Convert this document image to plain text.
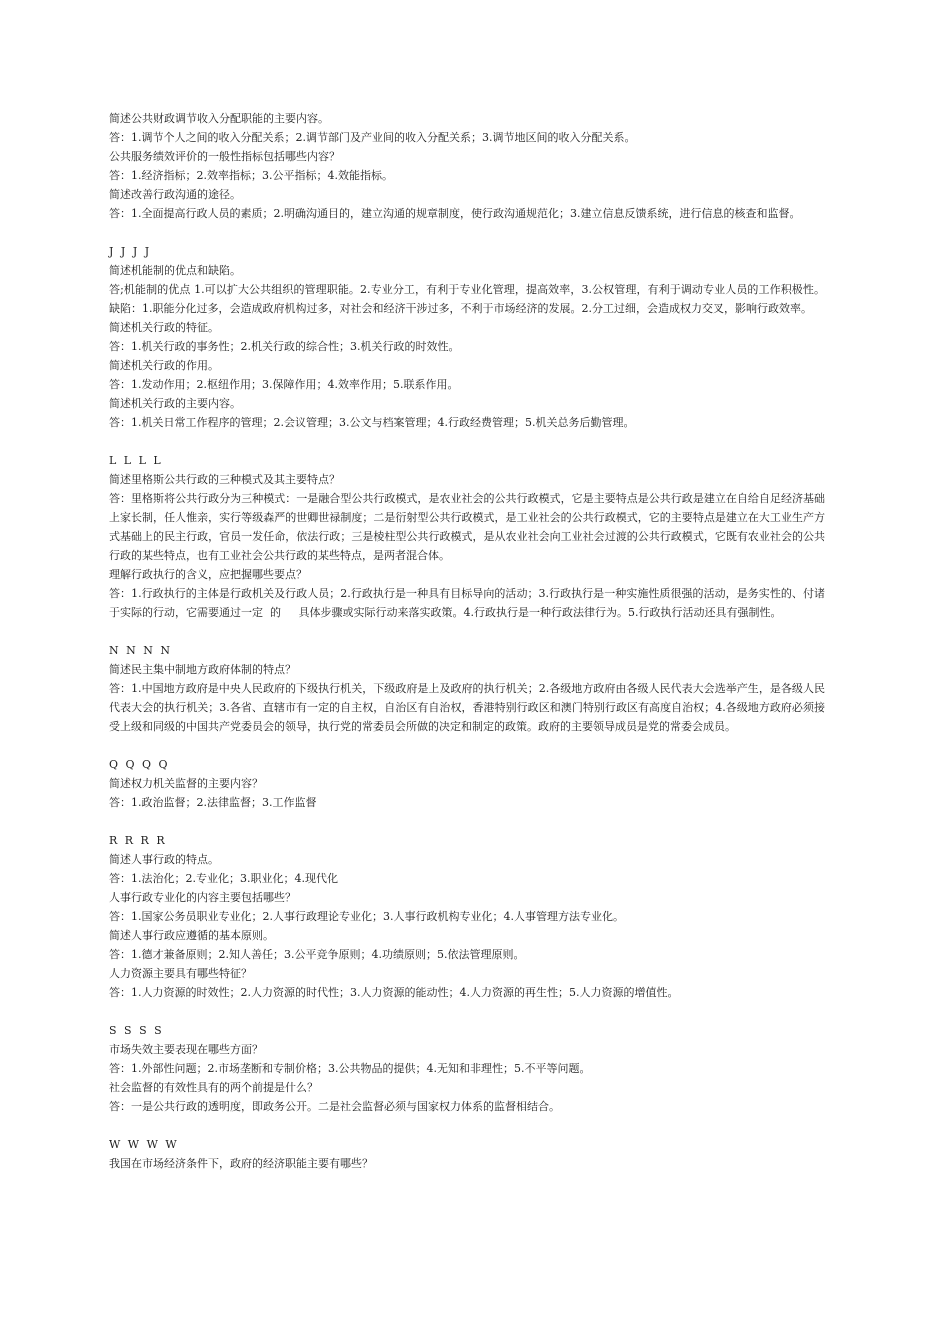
简述公共财政调节收入分配职能的主要内容。
答：1.调节个人之间的收入分配关系；2.调节部门及产业间的收入分配关系；3.调节地区间的收入分配关系。
公共服务绩效评价的一般性指标包括哪些内容？
答：1.经济指标；2.效率指标；3.公平指标；4.效能指标。
简述改善行政沟通的途径。
答：1.全面提高行政人员的素质；2.明确沟通目的，建立沟通的规章制度，使行政沟通规范化；3.建立信息反馈系统，进行信息的核查和监督。
J J J J
简述机能制的优点和缺陷。
答;机能制的优点 1.可以扩大公共组织的管理职能。2.专业分工，有利于专业化管理，提高效率，3.公权管理，有利于调动专业人员的工作积极性。缺陷：1.职能分化过多，会造成政府机构过多，对社会和经济干涉过多，不利于市场经济的发展。2.分工过细，会造成权力交叉，影响行政效率。
简述机关行政的特征。
答：1.机关行政的事务性；2.机关行政的综合性；3.机关行政的时效性。
简述机关行政的作用。
答：1.发动作用；2.枢纽作用；3.保障作用；4.效率作用；5.联系作用。
简述机关行政的主要内容。
答：1.机关日常工作程序的管理；2.会议管理；3.公文与档案管理；4.行政经费管理；5.机关总务后勤管理。
L L L L
简述里格斯公共行政的三种模式及其主要特点？
答：里格斯将公共行政分为三种模式：一是融合型公共行政模式，是农业社会的公共行政模式，它是主要特点是公共行政是建立在自给自足经济基础上家长制，任人惟亲，实行等级森严的世卿世禄制度；二是衍射型公共行政模式，是工业社会的公共行政模式，它的主要特点是建立在大工业生产方式基础上的民主行政，官员一发任命，依法行政；三是棱柱型公共行政模式，是从农业社会向工业社会过渡的公共行政模式，它既有农业社会的公共行政的某些特点，也有工业社会公共行政的某些特点，是两者混合体。
理解行政执行的含义，应把握哪些要点？
答：1.行政执行的主体是行政机关及行政人员；2.行政执行是一种具有目标导向的活动；3.行政执行是一种实施性质很强的活动，是务实性的、付诸于实际的行动，它需要通过一定  的     具体步骤或实际行动来落实政策。4.行政执行是一种行政法律行为。5.行政执行活动还具有强制性。
N N N N
简述民主集中制地方政府体制的特点？
答：1.中国地方政府是中央人民政府的下级执行机关，下级政府是上及政府的执行机关；2.各级地方政府由各级人民代表大会选举产生，是各级人民代表大会的执行机关；3.各省、直辖市有一定的自主权，自治区有自治权，香港特别行政区和澳门特别行政区有高度自治权；4.各级地方政府必须接受上级和同级的中国共产党委员会的领导，执行党的常委员会所做的决定和制定的政策。政府的主要领导成员是党的常委会成员。
Q Q Q Q
简述权力机关监督的主要内容？
答：1.政治监督；2.法律监督；3.工作监督
R R R R
简述人事行政的特点。
答：1.法治化；2.专业化；3.职业化；4.现代化
人事行政专业化的内容主要包括哪些？
答：1.国家公务员职业专业化；2.人事行政理论专业化；3.人事行政机构专业化；4.人事管理方法专业化。
简述人事行政应遵循的基本原则。
答：1.德才兼备原则；2.知人善任；3.公平竞争原则；4.功绩原则；5.依法管理原则。
人力资源主要具有哪些特征？
答：1.人力资源的时效性；2.人力资源的时代性；3.人力资源的能动性；4.人力资源的再生性；5.人力资源的增值性。
S S S S
市场失效主要表现在哪些方面？
答：1.外部性问题；2.市场垄断和专制价格；3.公共物品的提供；4.无知和非理性；5.不平等问题。
社会监督的有效性具有的两个前提是什么？
答：一是公共行政的透明度，即政务公开。二是社会监督必须与国家权力体系的监督相结合。
W W W W
我国在市场经济条件下，政府的经济职能主要有哪些？
